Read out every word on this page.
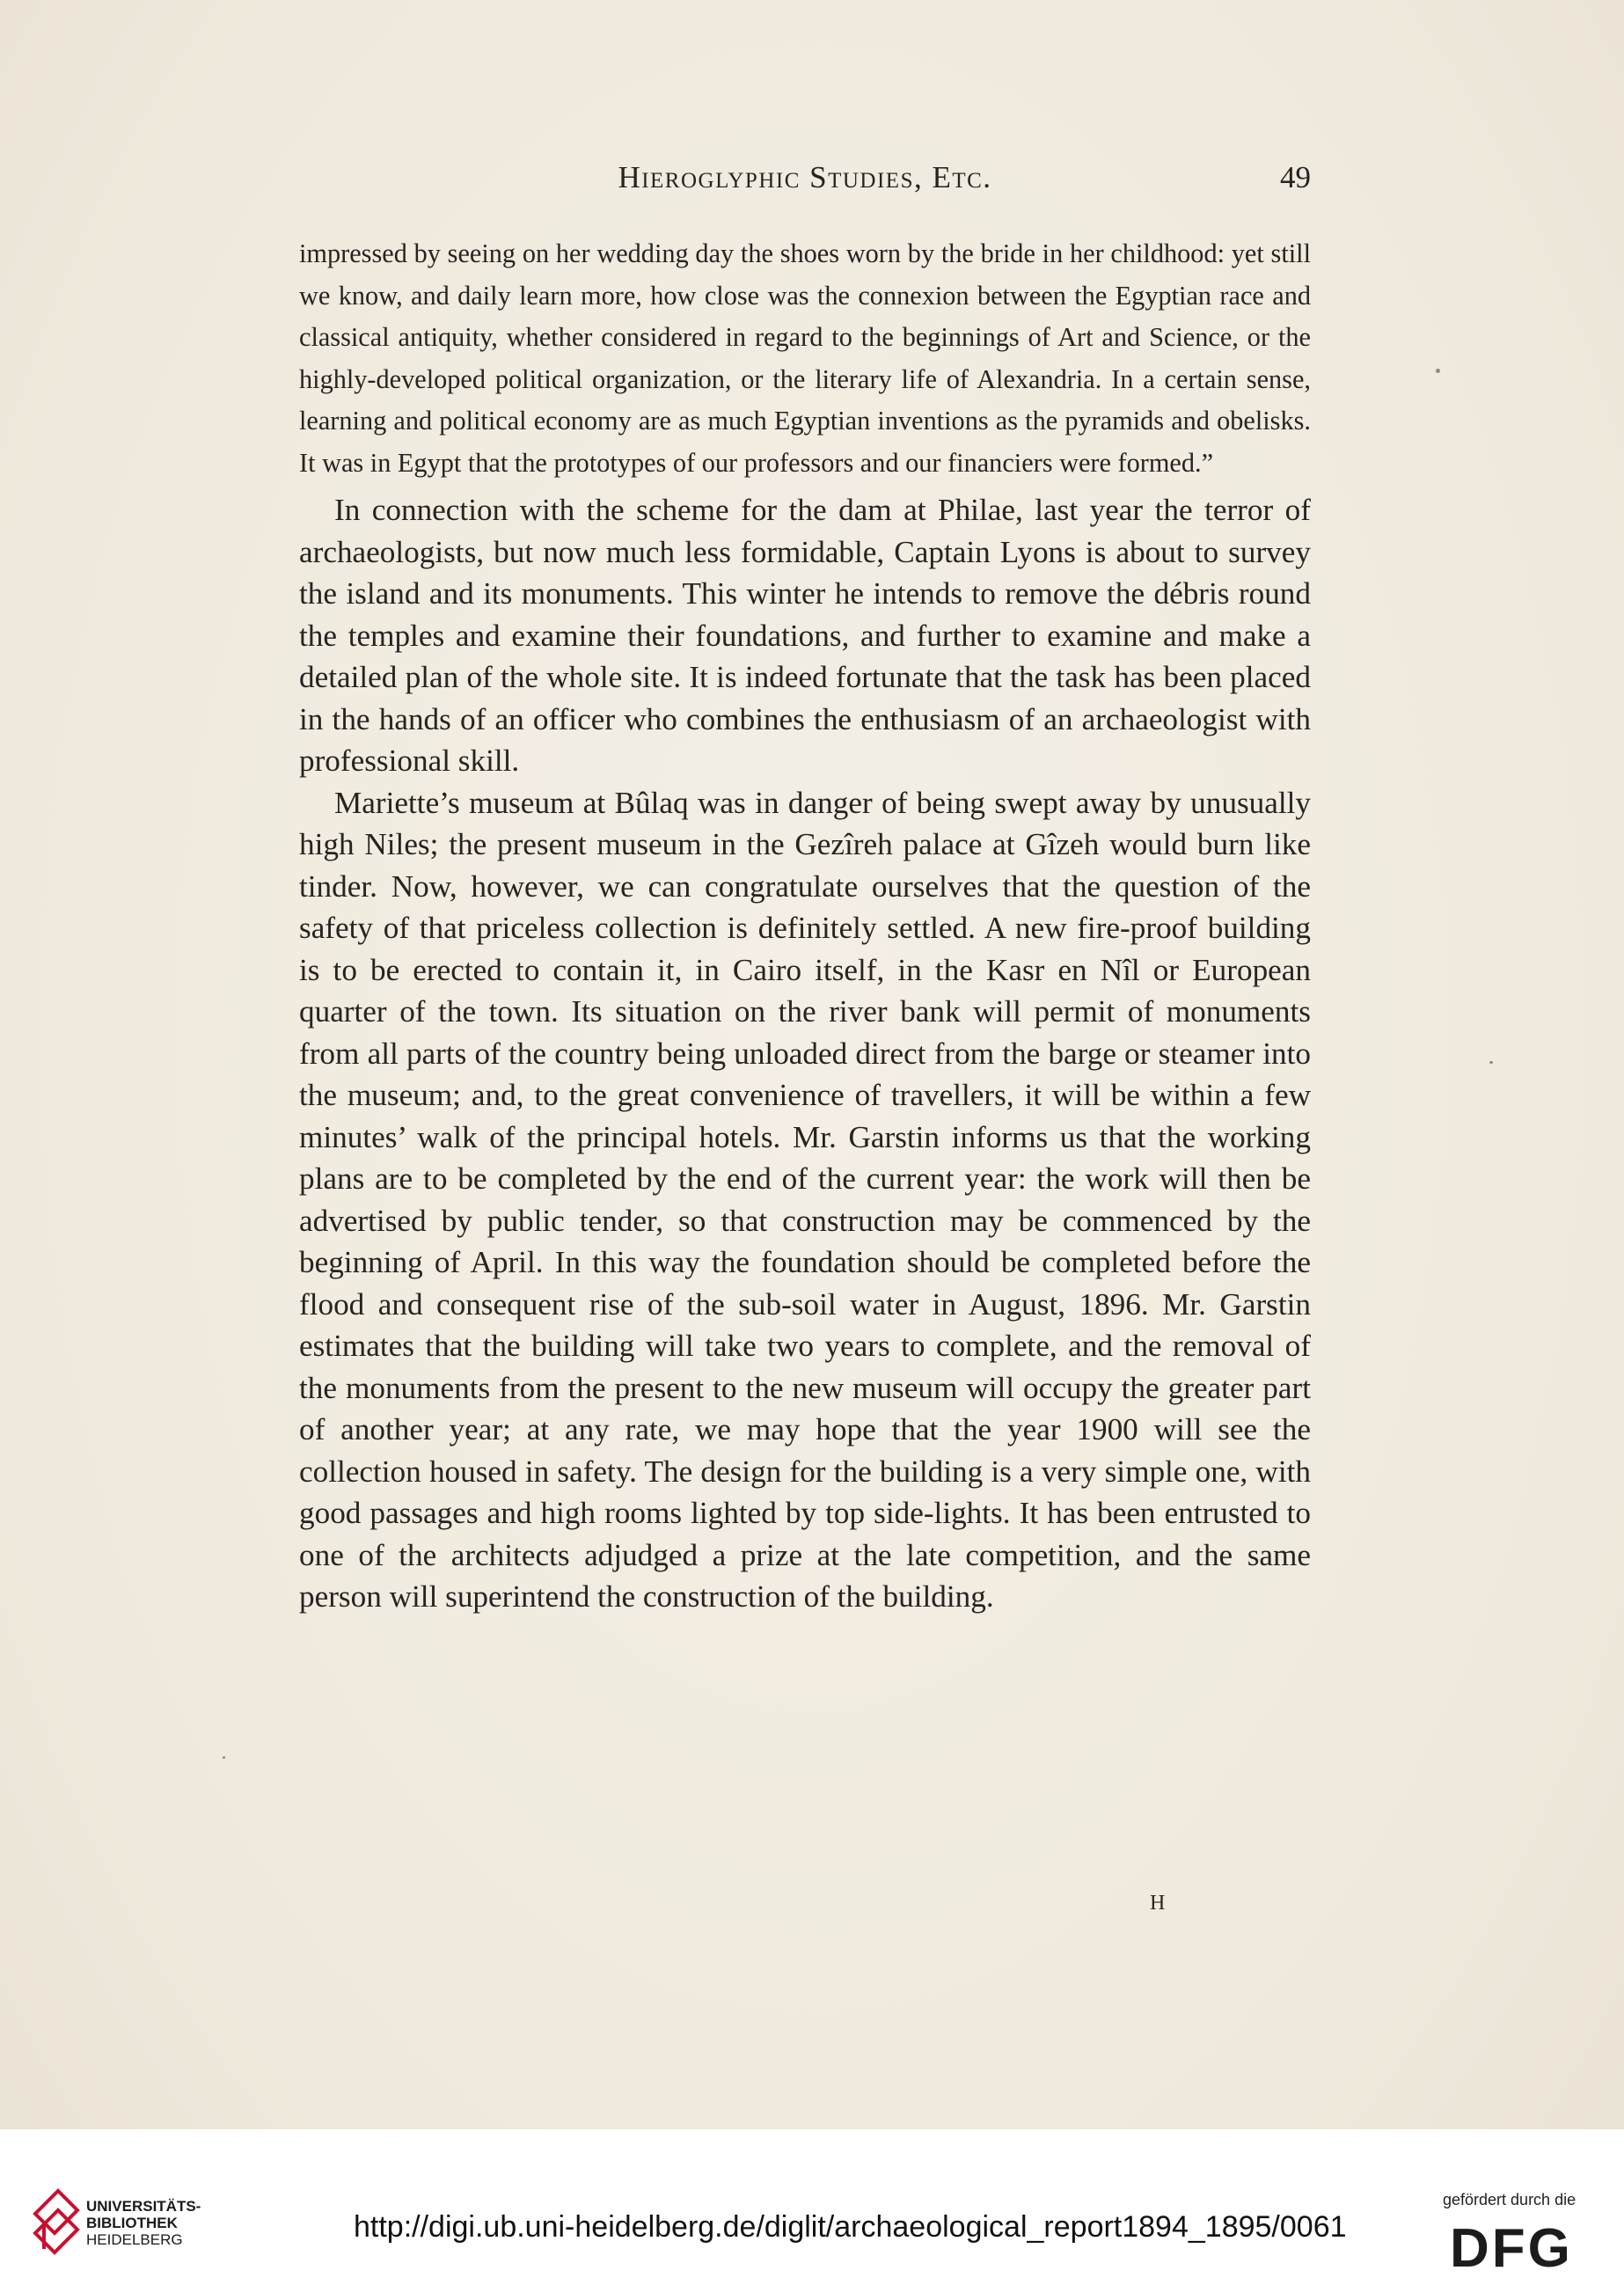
Hieroglyphic Studies, Etc.	49

impressed by seeing on her wedding day the shoes worn by the bride in her childhood: yet still we know, and daily learn more, how close was the connexion between the Egyptian race and classical antiquity, whether considered in regard to the beginnings of Art and Science, or the highly-developed political organization, or the literary life of Alexandria. In a certain sense, learning and political economy are as much Egyptian inventions as the pyramids and obelisks. It was in Egypt that the prototypes of our professors and our financiers were formed.”

In connection with the scheme for the dam at Philae, last year the terror of archaeologists, but now much less formidable, Captain Lyons is about to survey the island and its monuments. This winter he intends to remove the débris round the temples and examine their foundations, and further to examine and make a detailed plan of the whole site. It is indeed fortunate that the task has been placed in the hands of an officer who combines the enthusiasm of an archaeologist with professional skill.

Mariette’s museum at Bûlaq was in danger of being swept away by unusually high Niles; the present museum in the Gezîreh palace at Gîzeh would burn like tinder. Now, however, we can congratulate ourselves that the question of the safety of that priceless collection is definitely settled. A new fire-proof building is to be erected to contain it, in Cairo itself, in the Kasr en Nîl or European quarter of the town. Its situation on the river bank will permit of monuments from all parts of the country being unloaded direct from the barge or steamer into the museum; and, to the great convenience of travellers, it will be within a few minutes’ walk of the principal hotels. Mr. Garstin informs us that the working plans are to be completed by the end of the current year: the work will then be advertised by public tender, so that construction may be commenced by the beginning of April. In this way the foundation should be completed before the flood and consequent rise of the sub-soil water in August, 1896. Mr. Garstin estimates that the building will take two years to complete, and the removal of the monuments from the present to the new museum will occupy the greater part of another year; at any rate, we may hope that the year 1900 will see the collection housed in safety. The design for the building is a very simple one, with good passages and high rooms lighted by top side-lights. It has been entrusted to one of the architects adjudged a prize at the late competition, and the same person will superintend the construction of the building.

H
UNIVERSITÄTS-
BIBLIOTHEK
HEIDELBERG	http://digi.ub.uni-heidelberg.de/diglit/archaeological_report1894_1895/0061
gefördert durch die
DFG
